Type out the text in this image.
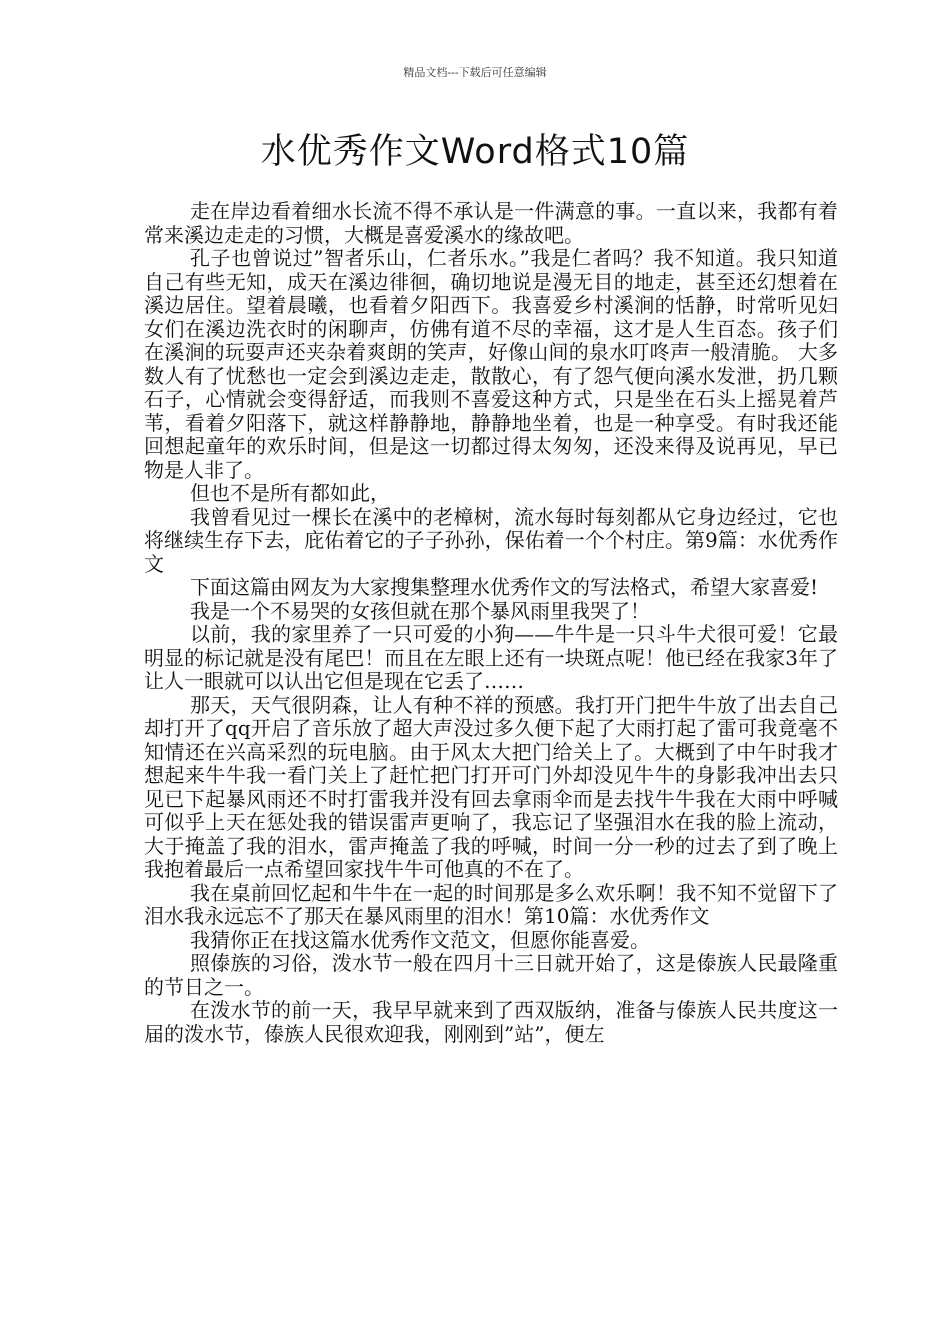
精品文档---下载后可任意编辑
水优秀作文Word格式10篇

走在岸边看着细水长流不得不承认是一件满意的事。一直以来，我都有着常来溪边走走的习惯，大概是喜爱溪水的缘故吧。

孔子也曾说过”智者乐山，仁者乐水。”我是仁者吗？我不知道。我只知道自己有些无知，成天在溪边徘徊，确切地说是漫无目的地走，甚至还幻想着在溪边居住。望着晨曦，也看着夕阳西下。我喜爱乡村溪涧的恬静，时常听见妇女们在溪边洗衣时的闲聊声，仿佛有道不尽的幸福，这才是人生百态。孩子们在溪涧的玩耍声还夹杂着爽朗的笑声，好像山间的泉水叮咚声一般清脆。 大多数人有了忧愁也一定会到溪边走走，散散心，有了怨气便向溪水发泄，扔几颗石子，心情就会变得舒适，而我则不喜爱这种方式，只是坐在石头上摇晃着芦苇，看着夕阳落下，就这样静静地，静静地坐着，也是一种享受。有时我还能回想起童年的欢乐时间，但是这一切都过得太匆匆，还没来得及说再见，早已物是人非了。

但也不是所有都如此，

我曾看见过一棵长在溪中的老樟树，流水每时每刻都从它身边经过，它也将继续生存下去，庇佑着它的子子孙孙，保佑着一个个村庄。第9篇：水优秀作文

下面这篇由网友为大家搜集整理水优秀作文的写法格式，希望大家喜爱!

我是一个不易哭的女孩但就在那个暴风雨里我哭了！

以前，我的家里养了一只可爱的小狗——牛牛是一只斗牛犬很可爱！它最明显的标记就是没有尾巴！而且在左眼上还有一块斑点呢！他已经在我家3年了让人一眼就可以认出它但是现在它丢了……

那天，天气很阴森，让人有种不祥的预感。我打开门把牛牛放了出去自己却打开了qq开启了音乐放了超大声没过多久便下起了大雨打起了雷可我竟毫不知情还在兴高采烈的玩电脑。由于风太大把门给关上了。大概到了中午时我才想起来牛牛我一看门关上了赶忙把门打开可门外却没见牛牛的身影我冲出去只见已下起暴风雨还不时打雷我并没有回去拿雨伞而是去找牛牛我在大雨中呼喊可似乎上天在惩处我的错误雷声更响了，我忘记了坚强泪水在我的脸上流动，大于掩盖了我的泪水，雷声掩盖了我的呼喊，时间一分一秒的过去了到了晚上我抱着最后一点希望回家找牛牛可他真的不在了。

我在桌前回忆起和牛牛在一起的时间那是多么欢乐啊！我不知不觉留下了泪水我永远忘不了那天在暴风雨里的泪水！第10篇：水优秀作文

我猜你正在找这篇水优秀作文范文，但愿你能喜爱。

照傣族的习俗，泼水节一般在四月十三日就开始了，这是傣族人民最隆重的节日之一。

在泼水节的前一天，我早早就来到了西双版纳，准备与傣族人民共度这一届的泼水节，傣族人民很欢迎我，刚刚到”站”，便左
